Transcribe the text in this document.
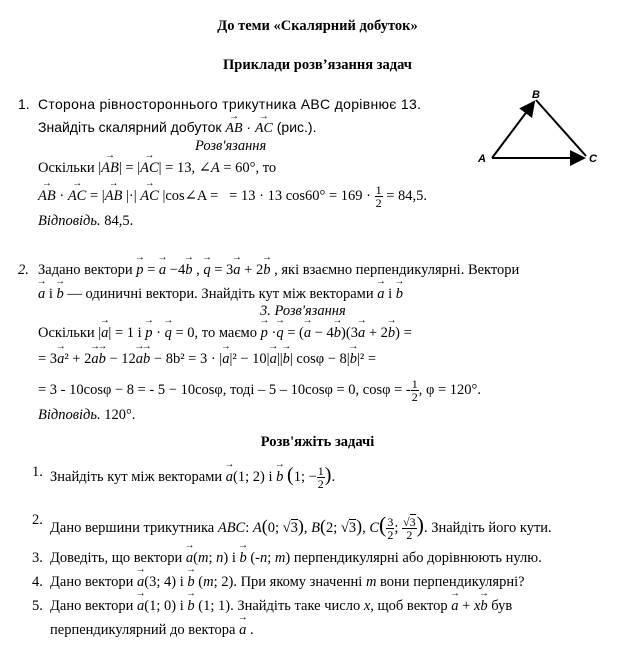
До теми «Скалярний добуток»
Приклади розв’язання задач
1. Сторона рівностороннього трикутника ABC дорівнює 13.
Знайдіть скалярний добуток → AB · → AC (рис.).
Розв'язання
Оскільки |→ AB| = |→ AC| = 13, ∠A = 60°, то
→ AB · → AC = |→ AB |·| → AC |cos∠A =   = 13 · 13 $\cos 60^\circ = 169 \cdot \frac{1}{2} = 84,5$.
Відповідь. 84,5.
B
A	C
2. Задано вектори → p = → a −4→ b , → q = 3→ a + 2→ b , які взаємно перпендикулярні. Вектори
→ a і → b — одиничні вектори. Знайдіть кут між векторами → a і → b
3. Розв'язання
Оскільки |→ a| = 1 і → p · → q = 0, то маємо → p ·→ q = (→ a − 4→ b)(3→ a + 2→ b) =
= 3→ a² + 2→ a→ b − 12→ a→ b − 8b² = 3 · |→ a|² − 10|→ a||→ b| cosφ − 8|→ b|² =
= 3 - 10cosφ − 8 = - 5 − 10cosφ, тоді – 5 – 10cosφ = 0, cosφ = - $\frac{1}{2}$ , φ = 120°.
Відповідь. 120°.
Розв'яжіть задачі
1. Знайдіть кут між векторами → a(1; 2) і → b (1; − $\frac{1}{2}$ ).
2. Дано вершини трикутника ABC: A(0; √3), B(2; √3), $C( \frac{3}{2}$ ; $\frac{√3}{2}$ ). Знайдіть його кути.
3. Доведіть, що вектори → a(m; n) і → b (-n; m) перпендикулярні або дорівнюють нулю.
4. Дано вектори → a(3; 4) і → b (m; 2). При якому значенні m вони перпендикулярні?
5. Дано вектори → a(1; 0) і → b (1; 1). Знайдіть таке число x, щоб вектор → a + x→ b був
перпендикулярний до вектора → a .
